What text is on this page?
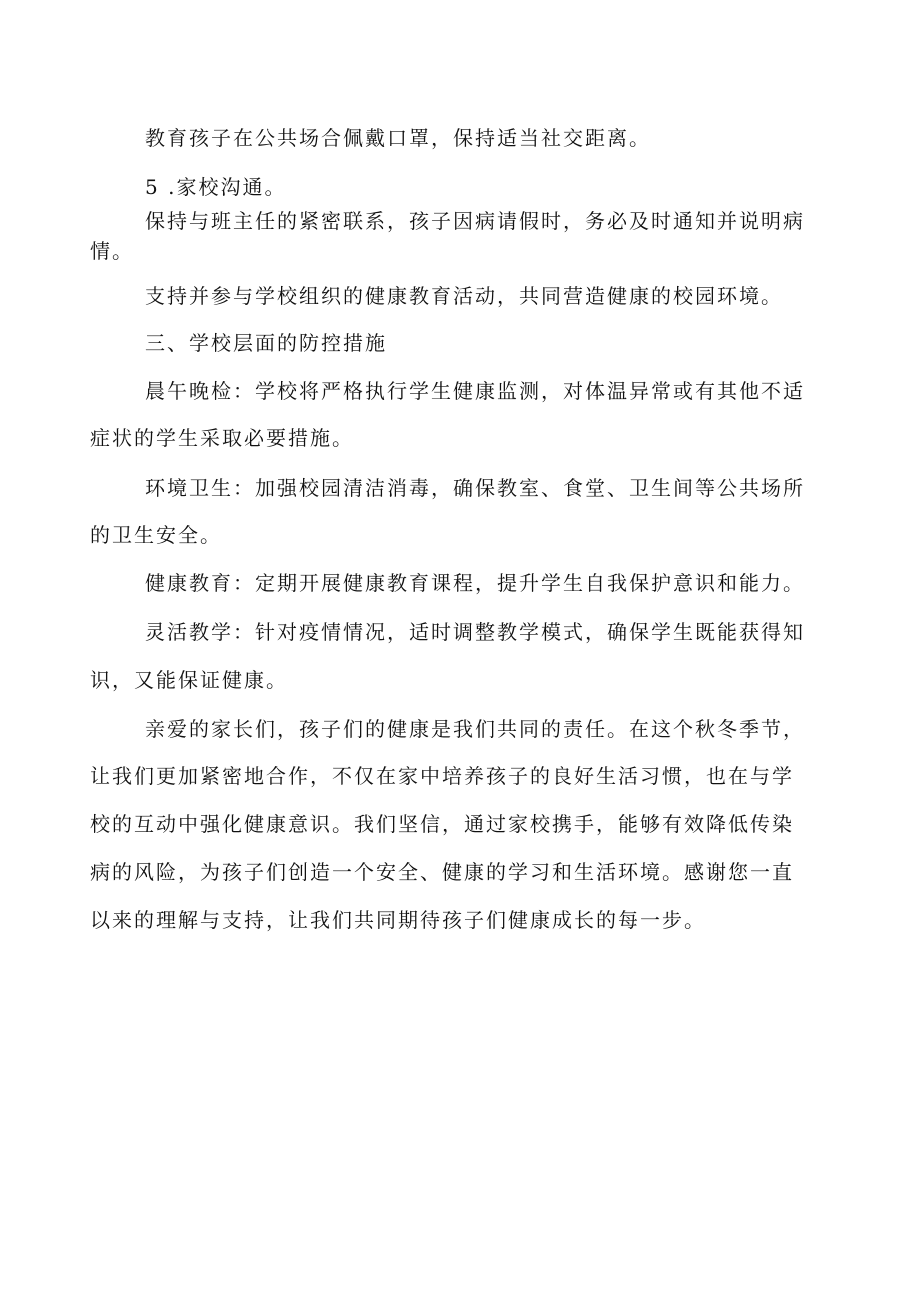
教育孩子在公共场合佩戴口罩，保持适当社交距离。
5 .家校沟通。
保持与班主任的紧密联系，孩子因病请假时，务必及时通知并说明病
情。
支持并参与学校组织的健康教育活动，共同营造健康的校园环境。
三、学校层面的防控措施
晨午晚检：学校将严格执行学生健康监测，对体温异常或有其他不适
症状的学生采取必要措施。
环境卫生：加强校园清洁消毒，确保教室、食堂、卫生间等公共场所
的卫生安全。
健康教育：定期开展健康教育课程，提升学生自我保护意识和能力。
灵活教学：针对疫情情况，适时调整教学模式，确保学生既能获得知
识，又能保证健康。
亲爱的家长们，孩子们的健康是我们共同的责任。在这个秋冬季节，
让我们更加紧密地合作，不仅在家中培养孩子的良好生活习惯，也在与学
校的互动中强化健康意识。我们坚信，通过家校携手，能够有效降低传染
病的风险，为孩子们创造一个安全、健康的学习和生活环境。感谢您一直
以来的理解与支持，让我们共同期待孩子们健康成长的每一步。
